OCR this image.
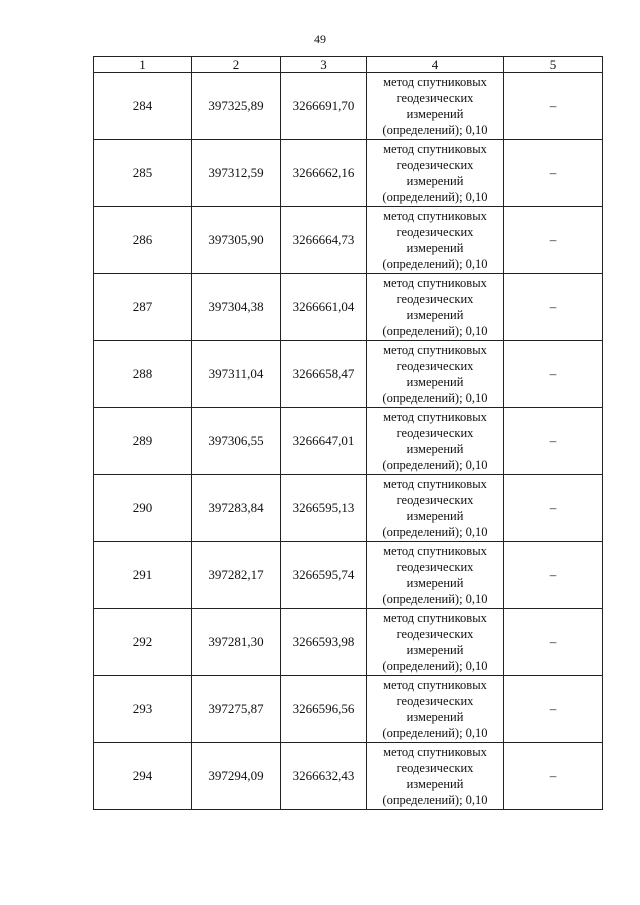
49
1	2	3	4	5
284	397325,89	3266691,70	метод спутниковых
геодезических
измерений
(определений); 0,10	–
285	397312,59	3266662,16	метод спутниковых
геодезических
измерений
(определений); 0,10	–
286	397305,90	3266664,73	метод спутниковых
геодезических
измерений
(определений); 0,10	–
287	397304,38	3266661,04	метод спутниковых
геодезических
измерений
(определений); 0,10	–
288	397311,04	3266658,47	метод спутниковых
геодезических
измерений
(определений); 0,10	–
289	397306,55	3266647,01	метод спутниковых
геодезических
измерений
(определений); 0,10	–
290	397283,84	3266595,13	метод спутниковых
геодезических
измерений
(определений); 0,10	–
291	397282,17	3266595,74	метод спутниковых
геодезических
измерений
(определений); 0,10	–
292	397281,30	3266593,98	метод спутниковых
геодезических
измерений
(определений); 0,10	–
293	397275,87	3266596,56	метод спутниковых
геодезических
измерений
(определений); 0,10	–
294	397294,09	3266632,43	метод спутниковых
геодезических
измерений
(определений); 0,10	–
